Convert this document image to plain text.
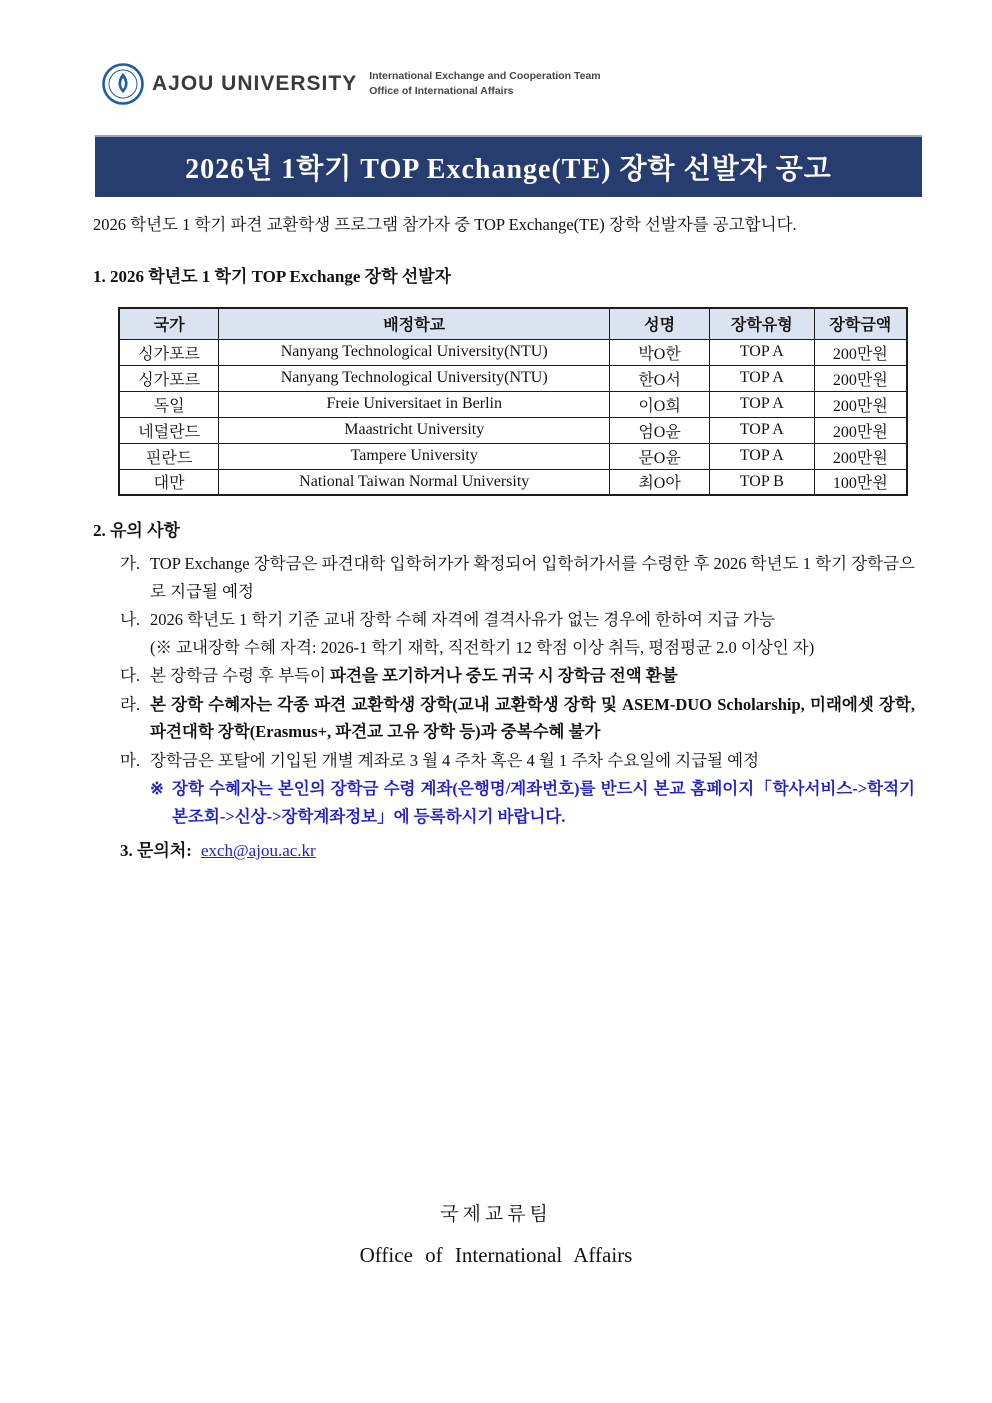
AJOU UNIVERSITY International Exchange and Cooperation Team
Office of International Affairs
2026년 1학기 TOP Exchange(TE) 장학 선발자 공고

2026 학년도 1 학기 파견 교환학생 프로그램 참가자 중 TOP Exchange(TE) 장학 선발자를 공고합니다.

1. 2026 학년도 1 학기 TOP Exchange 장학 선발자
국가	배정학교	성명	장학유형	장학금액
싱가포르	Nanyang Technological University(NTU)	박O한	TOP A	200만원
싱가포르	Nanyang Technological University(NTU)	한O서	TOP A	200만원
독일	Freie Universitaet in Berlin	이O희	TOP A	200만원
네덜란드	Maastricht University	엄O윤	TOP A	200만원
핀란드	Tampere University	문O윤	TOP A	200만원
대만	National Taiwan Normal University	최O아	TOP B	100만원
2. 유의 사항
가. TOP Exchange 장학금은 파견대학 입학허가가 확정되어 입학허가서를 수령한 후 2026 학년도 1 학기 장학금으로 지급될 예정
나. 2026 학년도 1 학기 기준 교내 장학 수혜 자격에 결격사유가 없는 경우에 한하여 지급 가능
(※ 교내장학 수혜 자격: 2026-1 학기 재학, 직전학기 12 학점 이상 취득, 평점평균 2.0 이상인 자)
다. 본 장학금 수령 후 부득이 파견을 포기하거나 중도 귀국 시 장학금 전액 환불
라. 본 장학 수혜자는 각종 파견 교환학생 장학(교내 교환학생 장학 및 ASEM-DUO Scholarship, 미래에셋 장학, 파견대학 장학(Erasmus+, 파견교 고유 장학 등)과 중복수혜 불가
마. 장학금은 포탈에 기입된 개별 계좌로 3 월 4 주차 혹은 4 월 1 주차 수요일에 지급될 예정
※ 장학 수혜자는 본인의 장학금 수령 계좌(은행명/계좌번호)를 반드시 본교 홈페이지「학사서비스->학적기본조회->신상->장학계좌정보」에 등록하시기 바랍니다.
3. 문의처: exch@ajou.ac.kr
국제교류팀
Office of International Affairs
